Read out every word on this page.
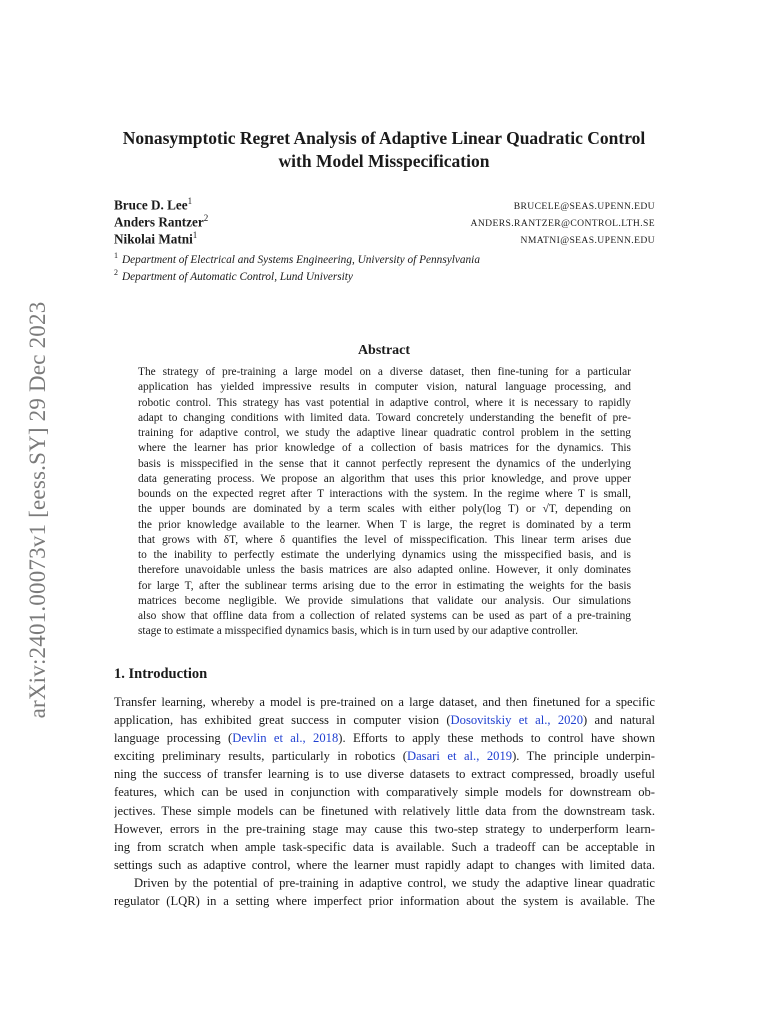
arXiv:2401.00073v1 [eess.SY] 29 Dec 2023
Nonasymptotic Regret Analysis of Adaptive Linear Quadratic Control
with Model Misspecification
Bruce D. Lee$^1$
BRUCELE@SEAS.UPENN.EDU
Anders Rantzer$^2$
ANDERS.RANTZER@CONTROL.LTH.SE
Nikolai Matni$^1$
NMATNI@SEAS.UPENN.EDU
$^1$ Department of Electrical and Systems Engineering, University of Pennsylvania
$^2$ Department of Automatic Control, Lund University
Abstract
The strategy of pre-training a large model on a diverse dataset, then fine-tuning for a particular
application has yielded impressive results in computer vision, natural language processing, and
robotic control. This strategy has vast potential in adaptive control, where it is necessary to rapidly
adapt to changing conditions with limited data. Toward concretely understanding the benefit of pre-
training for adaptive control, we study the adaptive linear quadratic control problem in the setting
where the learner has prior knowledge of a collection of basis matrices for the dynamics. This
basis is misspecified in the sense that it cannot perfectly represent the dynamics of the underlying
data generating process. We propose an algorithm that uses this prior knowledge, and prove upper
bounds on the expected regret after T interactions with the system. In the regime where T is small,
the upper bounds are dominated by a term scales with either poly(log T) or √T, depending on
the prior knowledge available to the learner. When T is large, the regret is dominated by a term
that grows with δT, where δ quantifies the level of misspecification. This linear term arises due
to the inability to perfectly estimate the underlying dynamics using the misspecified basis, and is
therefore unavoidable unless the basis matrices are also adapted online. However, it only dominates
for large T, after the sublinear terms arising due to the error in estimating the weights for the basis
matrices become negligible. We provide simulations that validate our analysis. Our simulations
also show that offline data from a collection of related systems can be used as part of a pre-training
stage to estimate a misspecified dynamics basis, which is in turn used by our adaptive controller.
1. Introduction
Transfer learning, whereby a model is pre-trained on a large dataset, and then finetuned for a specific
application, has exhibited great success in computer vision (Dosovitskiy et al., 2020) and natural
language processing (Devlin et al., 2018). Efforts to apply these methods to control have shown
exciting preliminary results, particularly in robotics (Dasari et al., 2019). The principle underpin-
ning the success of transfer learning is to use diverse datasets to extract compressed, broadly useful
features, which can be used in conjunction with comparatively simple models for downstream ob-
jectives. These simple models can be finetuned with relatively little data from the downstream task.
However, errors in the pre-training stage may cause this two-step strategy to underperform learn-
ing from scratch when ample task-specific data is available. Such a tradeoff can be acceptable in
settings such as adaptive control, where the learner must rapidly adapt to changes with limited data.
Driven by the potential of pre-training in adaptive control, we study the adaptive linear quadratic
regulator (LQR) in a setting where imperfect prior information about the system is available. The
